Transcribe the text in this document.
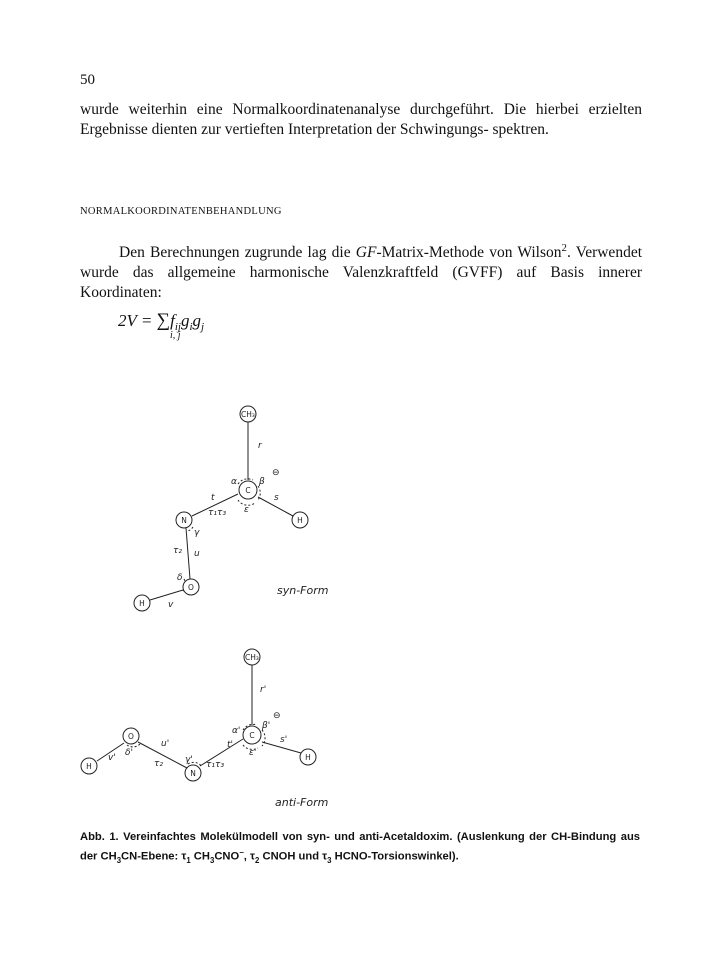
50
wurde weiterhin eine Normalkoordinatenanalyse durchgeführt. Die hierbei erzielten Ergebnisse dienten zur vertieften Interpretation der Schwingungs- spektren.
NORMALKOORDINATENBEHANDLUNG
Den Berechnungen zugrunde lag die GF-Matrix-Methode von Wilson$^2$. Verwendet wurde das allgemeine harmonische Valenzkraftfeld (GVFF) auf Basis innerer Koordinaten:
$2V = \sum f_{ij}g_ig_j$
i, j
CH₃
C
N	H
O
H
r
⊖
α β
s
t
ε
τ₁τ₃
γ
τ₂ u
δ
v
syn-Form
CH₃
C
N
H
O
H
r'
⊖
α' β'
s'
t'
ε'
τ₁τ₃
γ'
τ₂
u'
δ'
v'
anti-Form
Abb. 1. Vereinfachtes Molekülmodell von syn- und anti-Acetaldoxim. (Auslenkung der CH-Bindung aus der $CH_3CN$-Ebene: $\tau_1$ $CH_3CNO^-$, $\tau_2$ CNOH und $\tau_3$ HCNO-Torsionswinkel).
